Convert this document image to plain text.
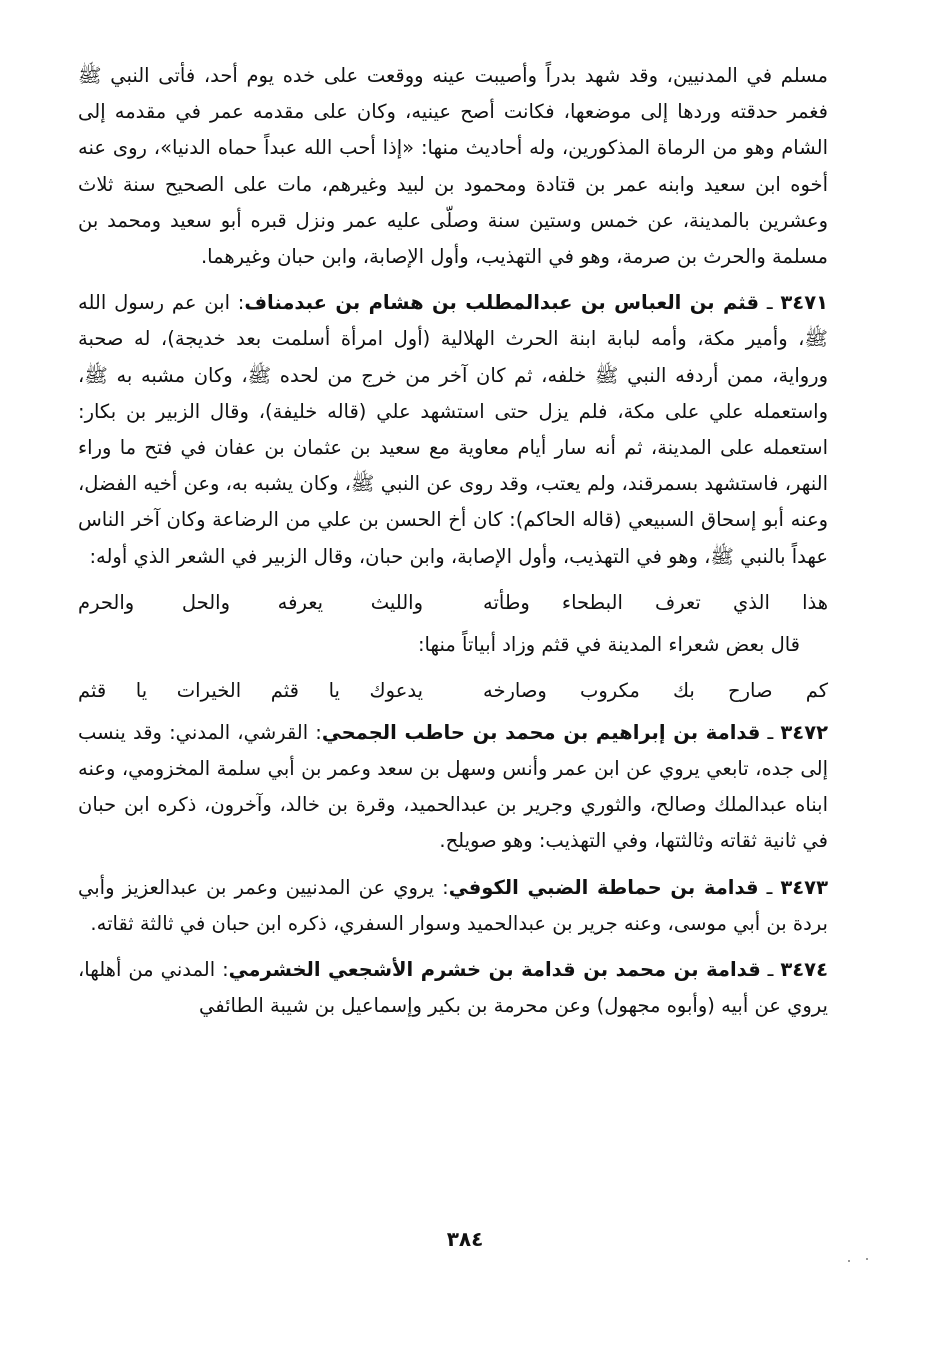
مسلم في المدنيين، وقد شهد بدراً وأصيبت عينه ووقعت على خده يوم أحد، فأتى النبي ﷺ فغمر حدقته وردها إلى موضعها، فكانت أصح عينيه، وكان على مقدمه عمر في مقدمه إلى الشام وهو من الرماة المذكورين، وله أحاديث منها: «إذا أحب الله عبداً حماه الدنيا»، روى عنه أخوه ابن سعيد وابنه عمر بن قتادة ومحمود بن لبيد وغيرهم، مات على الصحيح سنة ثلاث وعشرين بالمدينة، عن خمس وستين سنة وصلّى عليه عمر ونزل قبره أبو سعيد ومحمد بن مسلمة والحرث بن صرمة، وهو في التهذيب، وأول الإصابة، وابن حبان وغيرهما.

٣٤٧١ ـ قثم بن العباس بن عبدالمطلب بن هشام بن عبدمناف: ابن عم رسول الله ﷺ، وأمير مكة، وأمه لبابة ابنة الحرث الهلالية (أول امرأة أسلمت بعد خديجة)، له صحبة ورواية، ممن أردفه النبي ﷺ خلفه، ثم كان آخر من خرج من لحده ﷺ، وكان مشبه به ﷺ، واستعمله علي على مكة، فلم يزل حتى استشهد علي (قاله خليفة)، وقال الزبير بن بكار: استعمله على المدينة، ثم أنه سار أيام معاوية مع سعيد بن عثمان بن عفان في فتح ما وراء النهر، فاستشهد بسمرقند، ولم يعتب، وقد روى عن النبي ﷺ، وكان يشبه به، وعن أخيه الفضل، وعنه أبو إسحاق السبيعي (قاله الحاكم): كان أخ الحسن بن علي من الرضاعة وكان آخر الناس عهداً بالنبي ﷺ، وهو في التهذيب، وأول الإصابة، وابن حبان، وقال الزبير في الشعر الذي أوله:

هذا الذي تعرف البطحاء وطأته
والليث يعرفه والحل والحرم
قال بعض شعراء المدينة في قثم وزاد أبياتاً منها:
كم صارح بك مكروب وصارخه
يدعوك يا قثم الخيرات يا قثم

٣٤٧٢ ـ قدامة بن إبراهيم بن محمد بن حاطب الجمحي: القرشي، المدني: وقد ينسب إلى جده، تابعي يروي عن ابن عمر وأنس وسهل بن سعد وعمر بن أبي سلمة المخزومي، وعنه ابناه عبدالملك وصالح، والثوري وجرير بن عبدالحميد، وقرة بن خالد، وآخرون، ذكره ابن حبان في ثانية ثقاته وثالثتها، وفي التهذيب: وهو صويلح.

٣٤٧٣ ـ قدامة بن حماطة الضبي الكوفي: يروي عن المدنيين وعمر بن عبدالعزيز وأبي بردة بن أبي موسى، وعنه جرير بن عبدالحميد وسوار السفري، ذكره ابن حبان في ثالثة ثقاته.

٣٤٧٤ ـ قدامة بن محمد بن قدامة بن خشرم الأشجعي الخشرمي: المدني من أهلها، يروي عن أبيه (وأبوه مجهول) وعن محرمة بن بكير وإسماعيل بن شيبة الطائفي

٣٨٤
